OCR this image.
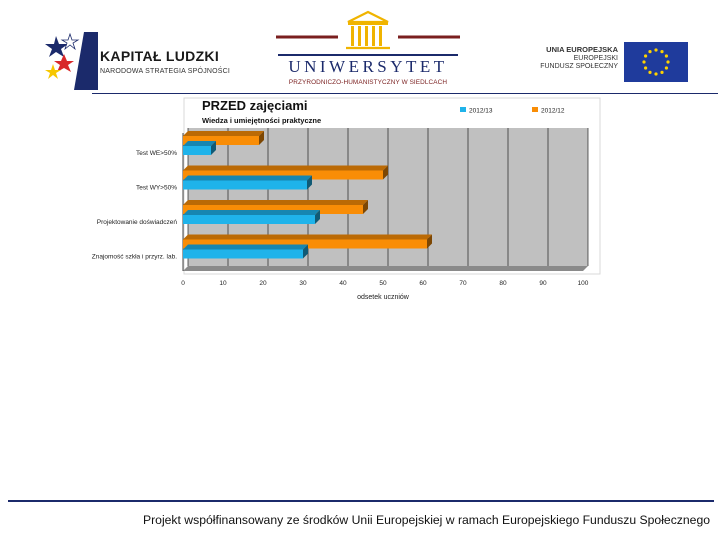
KAPITAŁ LUDZKI
NARODOWA STRATEGIA SPÓJNOŚCI	UNIWERSYTET
PRZYRODNICZO-HUMANISTYCZNY W SIEDLCACH
UNIA EUROPEJSKA
EUROPEJSKI
FUNDUSZ SPOŁECZNY
0	10	20	30	40	50	60	70	80	90	100
PRZED zajęciami
Wiedza i umiejętności praktyczne
2012/13	2012/12
Test WE>50%
Test WY>50%
Projektowanie doświadczeń
Znajomość szkła i przyrz. lab.
odsetek uczniów
Projekt współfinansowany ze środków Unii Europejskiej w ramach Europejskiego Funduszu Społecznego
